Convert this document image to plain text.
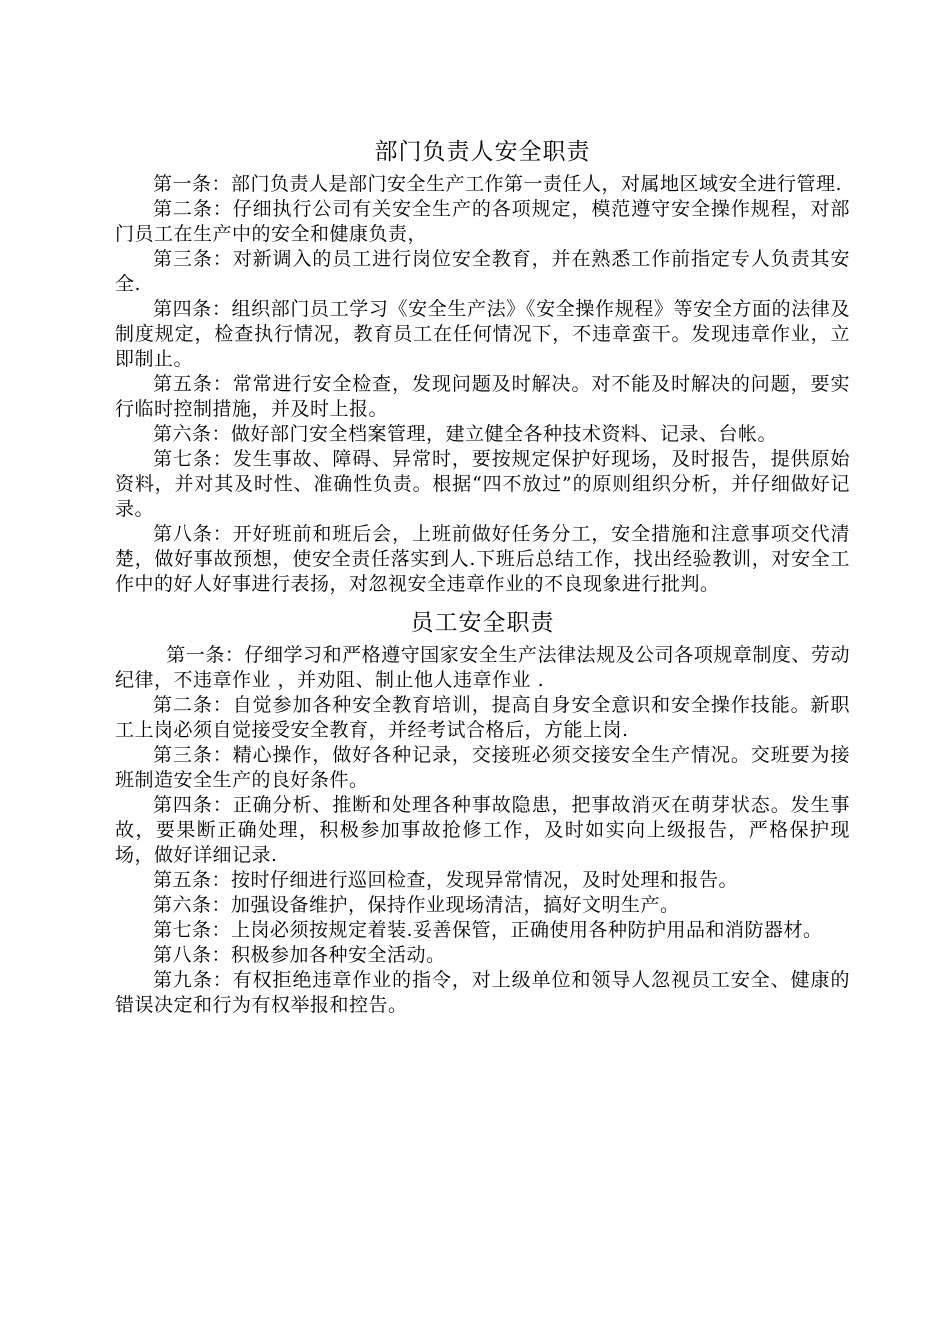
部门负责人安全职责

第一条：部门负责人是部门安全生产工作第一责任人，对属地区域安全进行管理.

第二条：仔细执行公司有关安全生产的各项规定，模范遵守安全操作规程，对部门员工在生产中的安全和健康负责，

第三条：对新调入的员工进行岗位安全教育，并在熟悉工作前指定专人负责其安全.

第四条：组织部门员工学习《安全生产法》《安全操作规程》等安全方面的法律及制度规定，检查执行情况，教育员工在任何情况下，不违章蛮干。发现违章作业，立即制止。

第五条：常常进行安全检查，发现问题及时解决。对不能及时解决的问题，要实行临时控制措施，并及时上报。

第六条：做好部门安全档案管理，建立健全各种技术资料、记录、台帐。

第七条：发生事故、障碍、异常时，要按规定保护好现场，及时报告，提供原始资料，并对其及时性、准确性负责。根据“四不放过”的原则组织分析，并仔细做好记录。

第八条：开好班前和班后会，上班前做好任务分工，安全措施和注意事项交代清楚，做好事故预想，使安全责任落实到人.下班后总结工作，找出经验教训，对安全工作中的好人好事进行表扬，对忽视安全违章作业的不良现象进行批判。

员工安全职责

第一条：仔细学习和严格遵守国家安全生产法律法规及公司各项规章制度、劳动纪律，不违章作业 ，并劝阻、制止他人违章作业 .

第二条：自觉参加各种安全教育培训，提高自身安全意识和安全操作技能。新职工上岗必须自觉接受安全教育，并经考试合格后，方能上岗.

第三条：精心操作，做好各种记录，交接班必须交接安全生产情况。交班要为接班制造安全生产的良好条件。

第四条：正确分析、推断和处理各种事故隐患，把事故消灭在萌芽状态。发生事故，要果断正确处理，积极参加事故抢修工作，及时如实向上级报告，严格保护现场，做好详细记录.

第五条：按时仔细进行巡回检查，发现异常情况，及时处理和报告。

第六条：加强设备维护，保持作业现场清洁，搞好文明生产。

第七条：上岗必须按规定着装.妥善保管，正确使用各种防护用品和消防器材。

第八条：积极参加各种安全活动。

第九条：有权拒绝违章作业的指令，对上级单位和领导人忽视员工安全、健康的错误决定和行为有权举报和控告。
